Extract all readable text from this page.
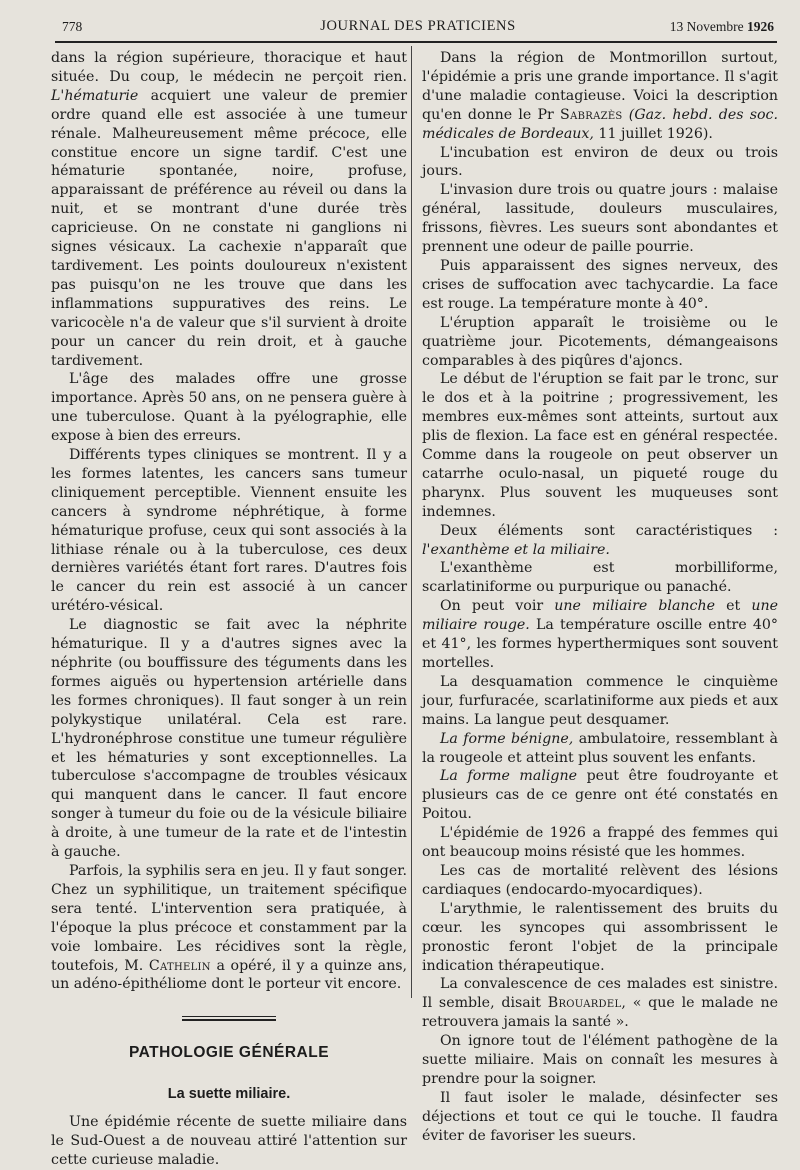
778	JOURNAL DES PRATICIENS	13 Novembre 1926

dans la région supérieure, thoracique et haut située. Du coup, le médecin ne perçoit rien. L'hématurie acquiert une valeur de premier ordre quand elle est associée à une tumeur rénale. Malheureusement même précoce, elle constitue encore un signe tardif. C'est une hématurie spontanée, noire, profuse, apparaissant de préférence au réveil ou dans la nuit, et se montrant d'une durée très capricieuse. On ne constate ni ganglions ni signes vésicaux. La cachexie n'apparaît que tardivement. Les points douloureux n'existent pas puisqu'on ne les trouve que dans les inflammations suppuratives des reins. Le varicocèle n'a de valeur que s'il survient à droite pour un cancer du rein droit, et à gauche tardivement.

L'âge des malades offre une grosse importance. Après 50 ans, on ne pensera guère à une tuberculose. Quant à la pyélographie, elle expose à bien des erreurs.

Différents types cliniques se montrent. Il y a les formes latentes, les cancers sans tumeur cliniquement perceptible. Viennent ensuite les cancers à syndrome néphrétique, à forme hématurique profuse, ceux qui sont associés à la lithiase rénale ou à la tuberculose, ces deux dernières variétés étant fort rares. D'autres fois le cancer du rein est associé à un cancer urétéro-vésical.

Le diagnostic se fait avec la néphrite hématurique. Il y a d'autres signes avec la néphrite (ou bouffissure des téguments dans les formes aiguës ou hypertension artérielle dans les formes chroniques). Il faut songer à un rein polykystique unilatéral. Cela est rare. L'hydronéphrose constitue une tumeur régulière et les hématuries y sont exceptionnelles. La tuberculose s'accompagne de troubles vésicaux qui manquent dans le cancer. Il faut encore songer à tumeur du foie ou de la vésicule biliaire à droite, à une tumeur de la rate et de l'intestin à gauche.

Parfois, la syphilis sera en jeu. Il y faut songer. Chez un syphilitique, un traitement spécifique sera tenté. L'intervention sera pratiquée, à l'époque la plus précoce et constamment par la voie lombaire. Les récidives sont la règle, toutefois, M. Cathelin a opéré, il y a quinze ans, un adéno-épithéliome dont le porteur vit encore.

PATHOLOGIE GÉNÉRALE
La suette miliaire.

Une épidémie récente de suette miliaire dans le Sud-Ouest a de nouveau attiré l'attention sur cette curieuse maladie.

Dans la région de Montmorillon surtout, l'épidémie a pris une grande importance. Il s'agit d'une maladie contagieuse. Voici la description qu'en donne le Pr Sabrazès (Gaz. hebd. des soc. médicales de Bordeaux, 11 juillet 1926).

L'incubation est environ de deux ou trois jours.

L'invasion dure trois ou quatre jours : malaise général, lassitude, douleurs musculaires, frissons, fièvres. Les sueurs sont abondantes et prennent une odeur de paille pourrie.

Puis apparaissent des signes nerveux, des crises de suffocation avec tachycardie. La face est rouge. La température monte à 40°.

L'éruption apparaît le troisième ou le quatrième jour. Picotements, démangeaisons comparables à des piqûres d'ajoncs.

Le début de l'éruption se fait par le tronc, sur le dos et à la poitrine ; progressivement, les membres eux-mêmes sont atteints, surtout aux plis de flexion. La face est en général respectée. Comme dans la rougeole on peut observer un catarrhe oculo-nasal, un piqueté rouge du pharynx. Plus souvent les muqueuses sont indemnes.

Deux éléments sont caractéristiques : l'exanthème et la miliaire.

L'exanthème est morbilliforme, scarlatiniforme ou purpurique ou panaché.

On peut voir une miliaire blanche et une miliaire rouge. La température oscille entre 40° et 41°, les formes hyperthermiques sont souvent mortelles.

La desquamation commence le cinquième jour, furfuracée, scarlatiniforme aux pieds et aux mains. La langue peut desquamer.

La forme bénigne, ambulatoire, ressemblant à la rougeole et atteint plus souvent les enfants.

La forme maligne peut être foudroyante et plusieurs cas de ce genre ont été constatés en Poitou.

L'épidémie de 1926 a frappé des femmes qui ont beaucoup moins résisté que les hommes.

Les cas de mortalité relèvent des lésions cardiaques (endocardo-myocardiques).

L'arythmie, le ralentissement des bruits du cœur. les syncopes qui assombrissent le pronostic feront l'objet de la principale indication thérapeutique.

La convalescence de ces malades est sinistre. Il semble, disait Brouardel, « que le malade ne retrouvera jamais la santé ».

On ignore tout de l'élément pathogène de la suette miliaire. Mais on connaît les mesures à prendre pour la soigner.

Il faut isoler le malade, désinfecter ses déjections et tout ce qui le touche. Il faudra éviter de favoriser les sueurs.
